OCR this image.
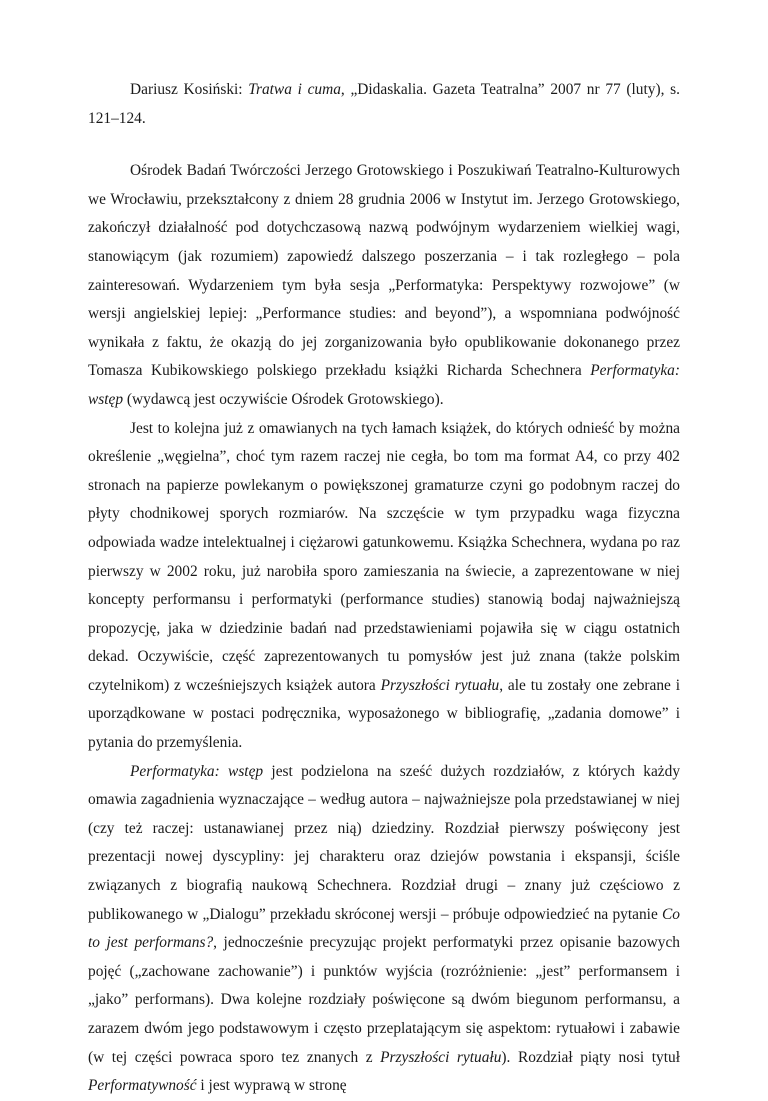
Dariusz Kosiński: Tratwa i cuma, „Didaskalia. Gazeta Teatralna” 2007 nr 77 (luty), s. 121–124.

Ośrodek Badań Twórczości Jerzego Grotowskiego i Poszukiwań Teatralno-Kulturowych we Wrocławiu, przekształcony z dniem 28 grudnia 2006 w Instytut im. Jerzego Grotowskiego, zakończył działalność pod dotychczasową nazwą podwójnym wydarzeniem wielkiej wagi, stanowiącym (jak rozumiem) zapowiedź dalszego poszerzania – i tak rozległego – pola zainteresowań. Wydarzeniem tym była sesja „Performatyka: Perspektywy rozwojowe” (w wersji angielskiej lepiej: „Performance studies: and beyond”), a wspomniana podwójność wynikała z faktu, że okazją do jej zorganizowania było opublikowanie dokonanego przez Tomasza Kubikowskiego polskiego przekładu książki Richarda Schechnera Performatyka: wstęp (wydawcą jest oczywiście Ośrodek Grotowskiego).

Jest to kolejna już z omawianych na tych łamach książek, do których odnieść by można określenie „węgielna”, choć tym razem raczej nie cegła, bo tom ma format A4, co przy 402 stronach na papierze powlekanym o powiększonej gramaturze czyni go podobnym raczej do płyty chodnikowej sporych rozmiarów. Na szczęście w tym przypadku waga fizyczna odpowiada wadze intelektualnej i ciężarowi gatunkowemu. Książka Schechnera, wydana po raz pierwszy w 2002 roku, już narobiła sporo zamieszania na świecie, a zaprezentowane w niej koncepty performansu i performatyki (performance studies) stanowią bodaj najważniejszą propozycję, jaka w dziedzinie badań nad przedstawieniami pojawiła się w ciągu ostatnich dekad. Oczywiście, część zaprezentowanych tu pomysłów jest już znana (także polskim czytelnikom) z wcześniejszych książek autora Przyszłości rytuału, ale tu zostały one zebrane i uporządkowane w postaci podręcznika, wyposażonego w bibliografię, „zadania domowe” i pytania do przemyślenia.

Performatyka: wstęp jest podzielona na sześć dużych rozdziałów, z których każdy omawia zagadnienia wyznaczające – według autora – najważniejsze pola przedstawianej w niej (czy też raczej: ustanawianej przez nią) dziedziny. Rozdział pierwszy poświęcony jest prezentacji nowej dyscypliny: jej charakteru oraz dziejów powstania i ekspansji, ściśle związanych z biografią naukową Schechnera. Rozdział drugi – znany już częściowo z publikowanego w „Dialogu” przekładu skróconej wersji – próbuje odpowiedzieć na pytanie Co to jest performans?, jednocześnie precyzując projekt performatyki przez opisanie bazowych pojęć („zachowane zachowanie”) i punktów wyjścia (rozróżnienie: „jest” performansem i „jako” performans). Dwa kolejne rozdziały poświęcone są dwóm biegunom performansu, a zarazem dwóm jego podstawowym i często przeplatającym się aspektom: rytuałowi i zabawie (w tej części powraca sporo tez znanych z Przyszłości rytuału). Rozdział piąty nosi tytuł Performatywność i jest wyprawą w stronę
